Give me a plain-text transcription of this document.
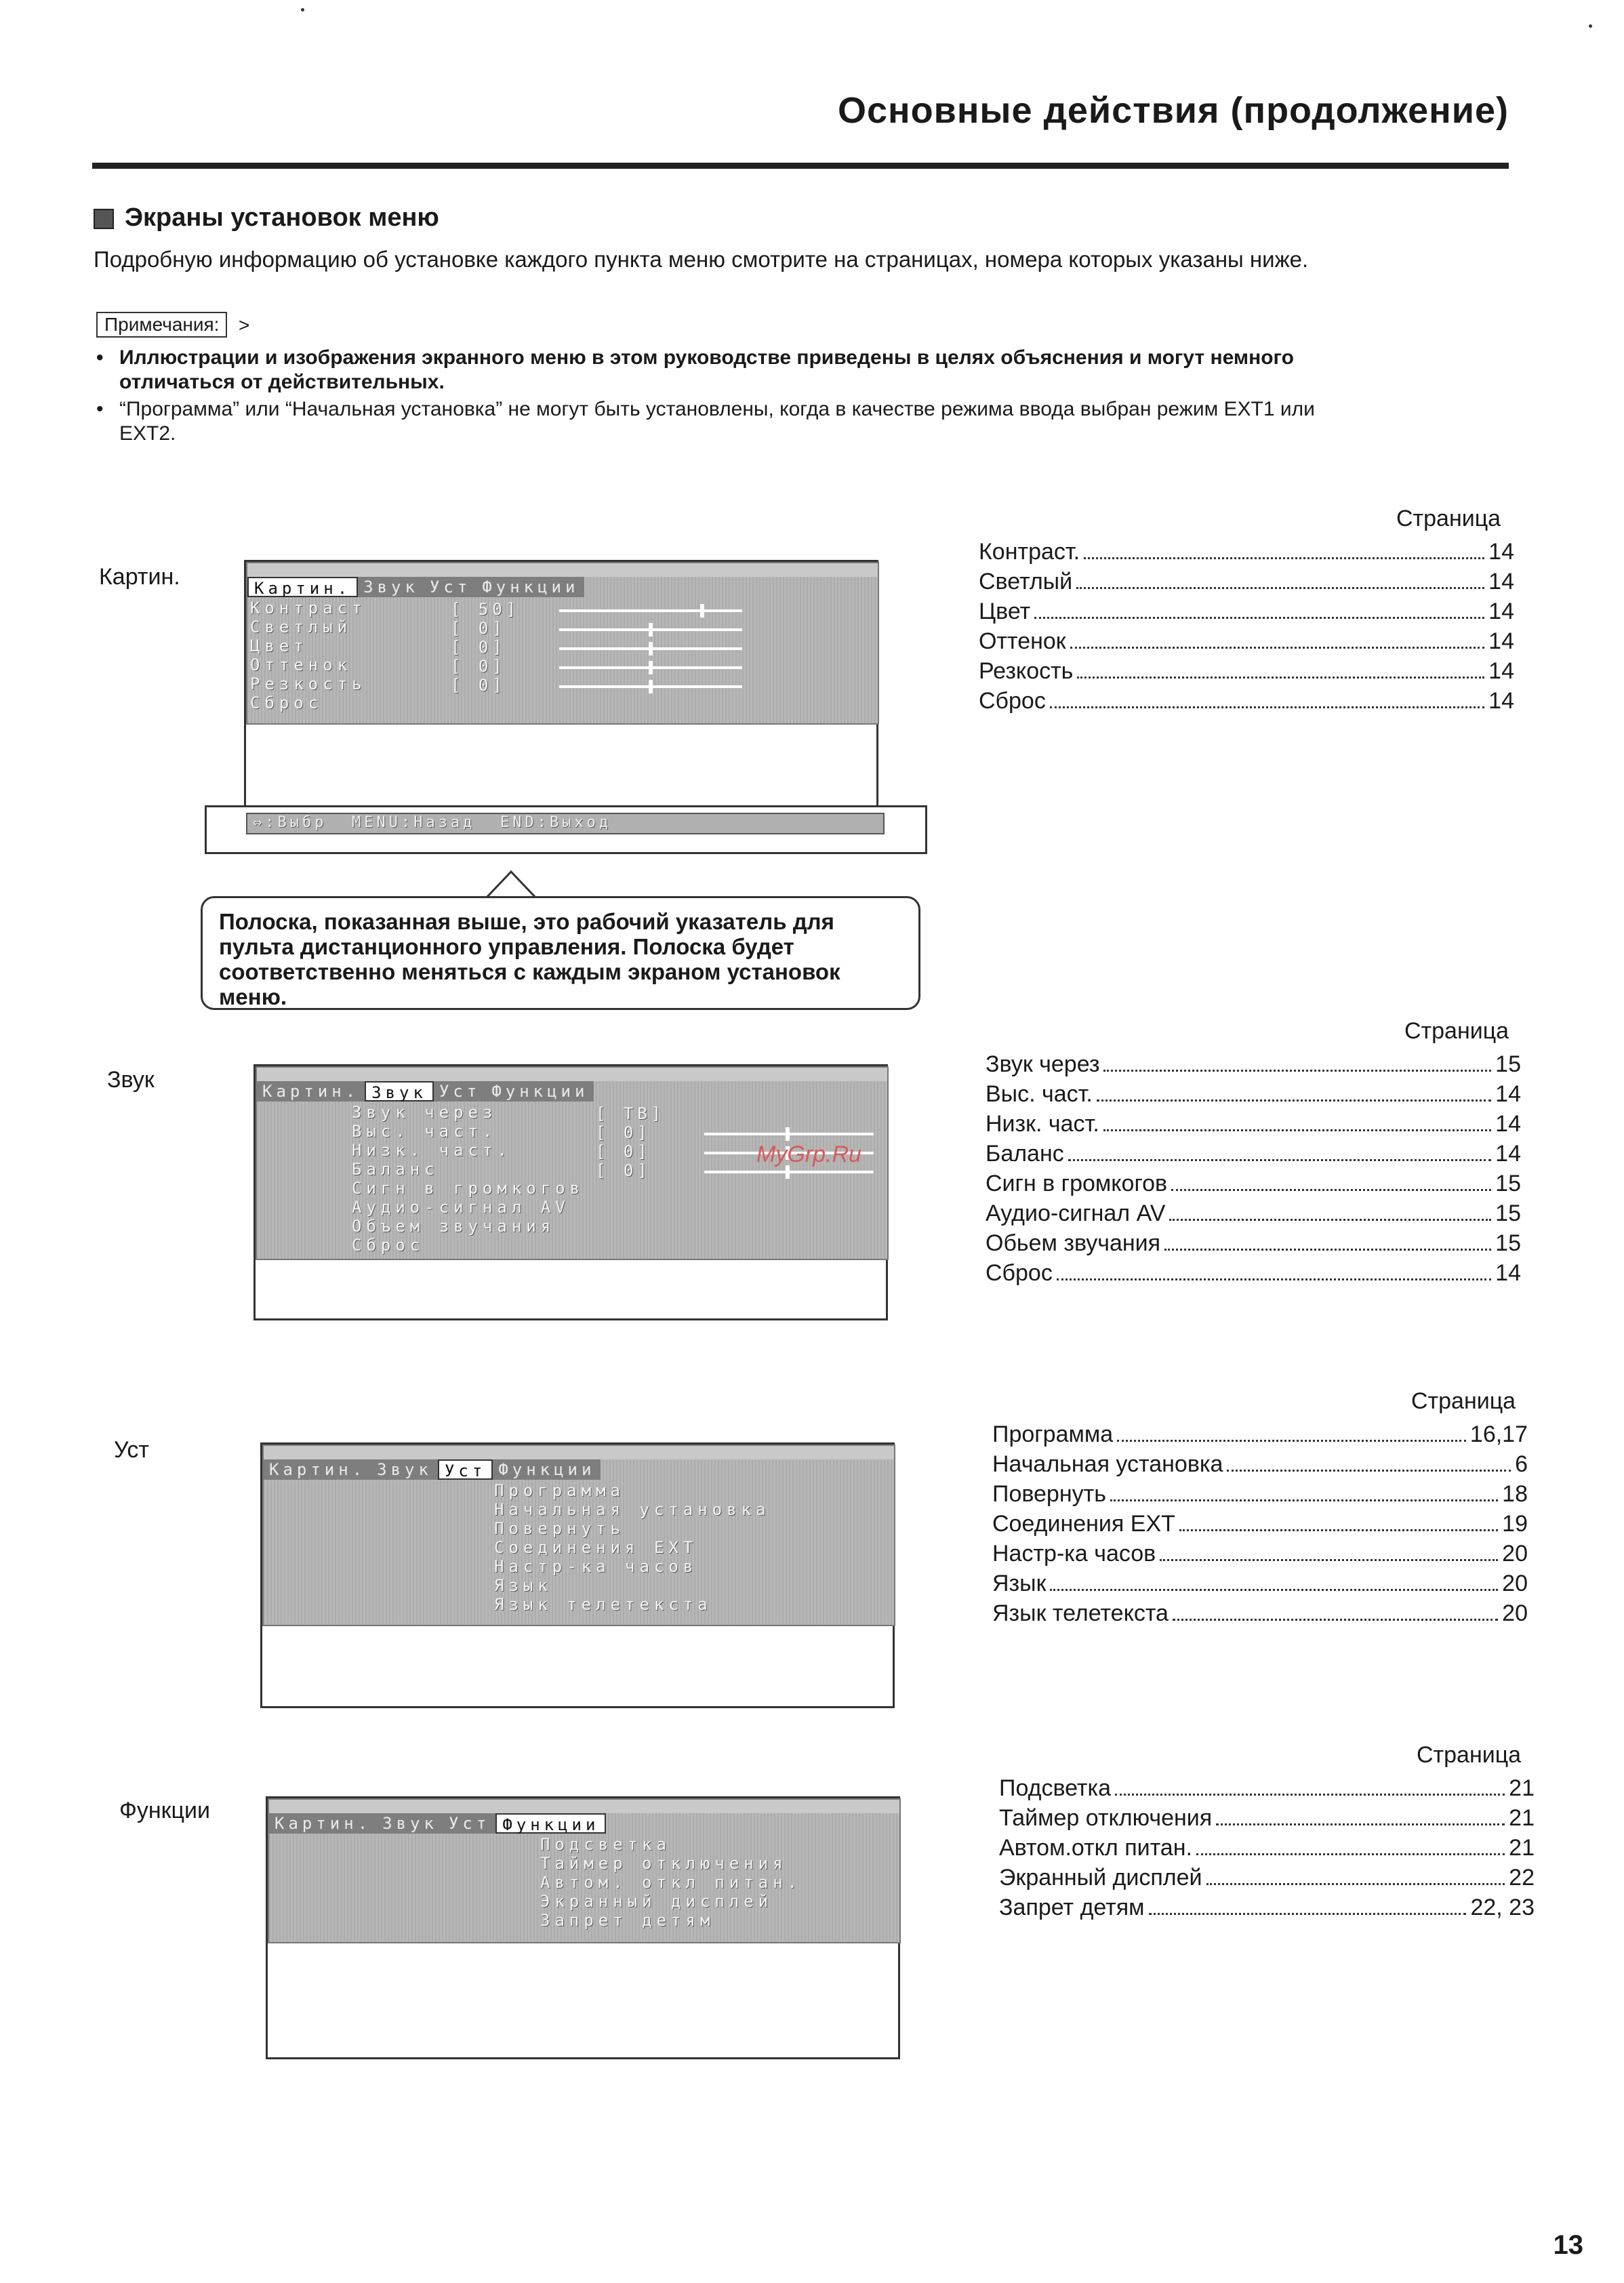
Основные действия (продолжение)
Экраны установок меню
Подробную информацию об установке каждого пункта меню смотрите на страницах, номера которых указаны ниже.
Примечания:	>
• Иллюстрации и изображения экранного меню в этом руководстве приведены в целях объяснения и могут немного
отличаться от действительных.
• “Программа” или “Начальная установка” не могут быть установлены, когда в качестве режима ввода выбран режим EXT1 или
EXT2.
Картин.	Картин. Звук Уст Функции
Контраст
Светлый
Цвет
Оттенок
Резкость
Сброс
[ 50]
[ 0]
[ 0]
[ 0]
[ 0]
⇔:Выбр MENU:Назад END:Выход
Полоска, показанная выше, это рабочий указатель для пульта дистанционного управления. Полоска будет соответственно меняться с каждым экраном установок меню.
Звук	Картин. Звук Уст Функции
Звук через
Выс. част.
Низк. част.
Баланс
Сигн в громкогов
Аудио-сигнал AV
Объем звучания
Сброс
[ ТВ]
[ 0]
[ 0]
[ 0]
MyGrp.Ru
Уст
Картин. Звук Уст Функции
Программа
Начальная установка
Повернуть
Соединения EXT
Настр-ка часов
Язык
Язык телетекста
Функции	Картин. Звук Уст Функции
Подсветка
Таймер отключения
Автом. откл питан.
Экранный дисплей
Запрет детям
Страница
Контраст.	14
Светлый	14
Цвет	14
Оттенок	14
Резкость	14
Сброс	14
Страница
Звук через	15
Выс. част.	14
Низк. част.	14
Баланс	14
Сигн в громкогов	15
Аудио-сигнал AV	15
Обьем звучания	15
Сброс	14
Страница
Программа	16,17
Начальная установка	6
Повернуть	18
Соединения EXT	19
Настр-ка часов	20
Язык	20
Язык телетекста	20
Страница
Подсветка	21
Таймер отключения	21
Автом.откл питан.	21
Экранный дисплей	22
Запрет детям	22, 23
13
